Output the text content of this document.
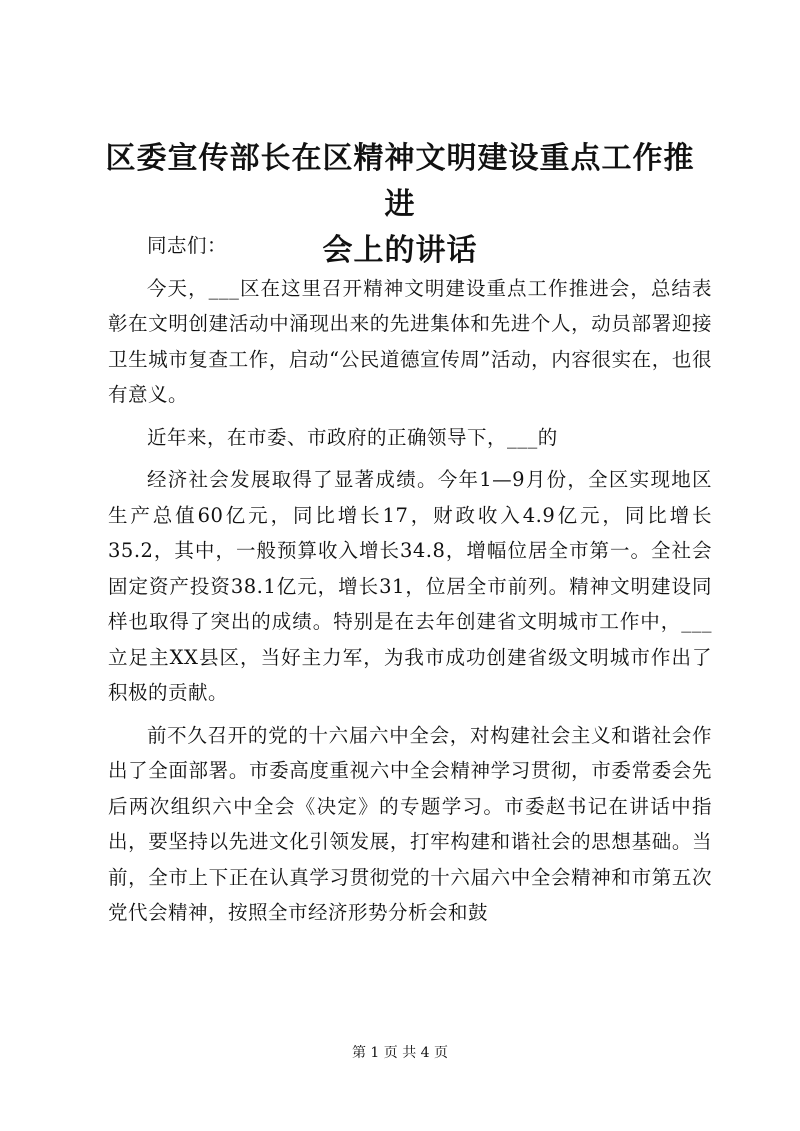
区委宣传部长在区精神文明建设重点工作推进
会上的讲话

同志们：

今天，___区在这里召开精神文明建设重点工作推进会，总结表彰在文明创建活动中涌现出来的先进集体和先进个人，动员部署迎接卫生城市复查工作，启动“公民道德宣传周”活动，内容很实在，也很有意义。

近年来，在市委、市政府的正确领导下，___的

经济社会发展取得了显著成绩。今年1—9月份，全区实现地区生产总值60亿元，同比增长17，财政收入4.9亿元，同比增长35.2，其中，一般预算收入增长34.8，增幅位居全市第一。全社会固定资产投资38.1亿元，增长31，位居全市前列。精神文明建设同样也取得了突出的成绩。特别是在去年创建省文明城市工作中，___立足主XX县区，当好主力军，为我市成功创建省级文明城市作出了积极的贡献。

前不久召开的党的十六届六中全会，对构建社会主义和谐社会作出了全面部署。市委高度重视六中全会精神学习贯彻，市委常委会先后两次组织六中全会《决定》的专题学习。市委赵书记在讲话中指出，要坚持以先进文化引领发展，打牢构建和谐社会的思想基础。当前，全市上下正在认真学习贯彻党的十六届六中全会精神和市第五次党代会精神，按照全市经济形势分析会和鼓

第 1 页 共 4 页
